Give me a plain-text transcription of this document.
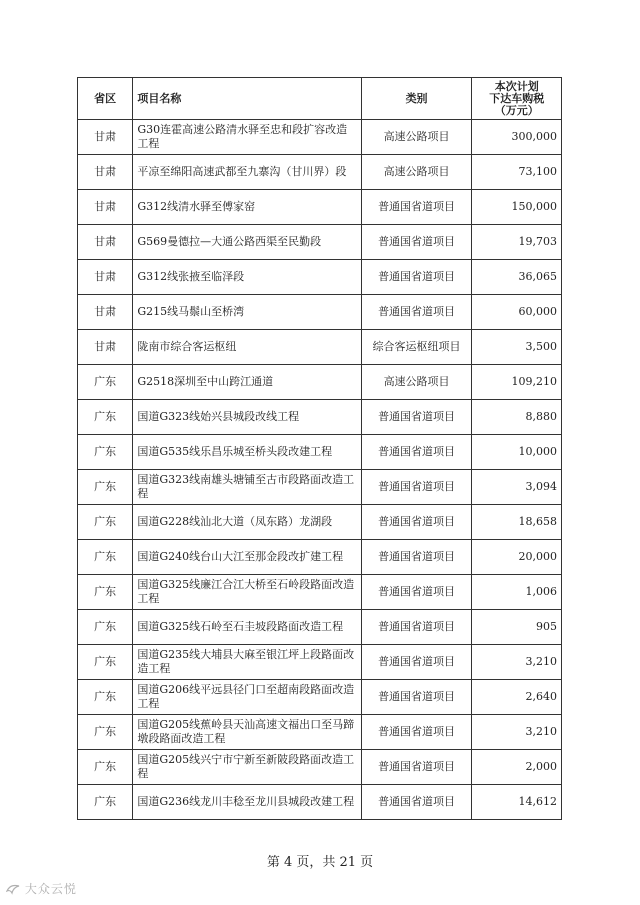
省区	项目名称	类别	本次计划
下达车购税
（万元）

甘肃	G30连霍高速公路清水驿至忠和段扩容改造工程	高速公路项目	300,000
甘肃	平凉至绵阳高速武都至九寨沟（甘川界）段	高速公路项目	73,100
甘肃	G312线清水驿至傅家窑	普通国省道项目	150,000
甘肃	G569曼德拉—大通公路西渠至民勤段	普通国省道项目	19,703
甘肃	G312线张掖至临泽段	普通国省道项目	36,065
甘肃	G215线马鬃山至桥湾	普通国省道项目	60,000
甘肃	陇南市综合客运枢纽	综合客运枢纽项目	3,500
广东	G2518深圳至中山跨江通道	高速公路项目	109,210
广东	国道G323线始兴县城段改线工程	普通国省道项目	8,880
广东	国道G535线乐昌乐城至桥头段改建工程	普通国省道项目	10,000
广东	国道G323线南雄头塘铺至古市段路面改造工程	普通国省道项目	3,094
广东	国道G228线汕北大道（凤东路）龙湖段	普通国省道项目	18,658
广东	国道G240线台山大江至那金段改扩建工程	普通国省道项目	20,000
广东	国道G325线廉江合江大桥至石岭段路面改造工程	普通国省道项目	1,006
广东	国道G325线石岭至石圭坡段路面改造工程	普通国省道项目	905
广东	国道G235线大埔县大麻至银江坪上段路面改造工程	普通国省道项目	3,210
广东	国道G206线平远县径门口至超南段路面改造工程	普通国省道项目	2,640
广东	国道G205线蕉岭县天汕高速文福出口至马蹄墩段路面改造工程	普通国省道项目	3,210
广东	国道G205线兴宁市宁新至新陂段路面改造工程	普通国省道项目	2,000
广东	国道G236线龙川丰稔至龙川县城段改建工程	普通国省道项目	14,612
第 4 页，共 21 页
大众云悦
